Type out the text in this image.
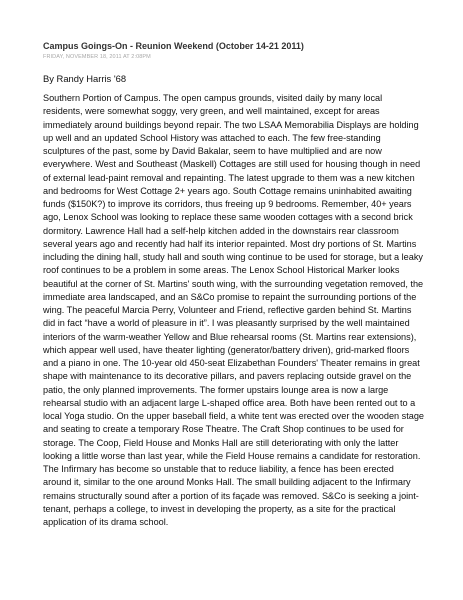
Campus Goings-On - Reunion Weekend (October 14-21 2011)
FRIDAY, NOVEMBER 18, 2011 AT 2:08PM
By Randy Harris '68

Southern Portion of Campus. The open campus grounds, visited daily by many local residents, were somewhat soggy, very green, and well maintained, except for areas immediately around buildings beyond repair. The two LSAA Memorabilia Displays are holding up well and an updated School History was attached to each. The few free-standing sculptures of the past, some by David Bakalar, seem to have multiplied and are now everywhere. West and Southeast (Maskell) Cottages are still used for housing though in need of external lead-paint removal and repainting. The latest upgrade to them was a new kitchen and bedrooms for West Cottage 2+ years ago. South Cottage remains uninhabited awaiting funds ($150K?) to improve its corridors, thus freeing up 9 bedrooms. Remember, 40+ years ago, Lenox School was looking to replace these same wooden cottages with a second brick dormitory. Lawrence Hall had a self-help kitchen added in the downstairs rear classroom several years ago and recently had half its interior repainted. Most dry portions of St. Martins including the dining hall, study hall and south wing continue to be used for storage, but a leaky roof continues to be a problem in some areas. The Lenox School Historical Marker looks beautiful at the corner of St. Martins' south wing, with the surrounding vegetation removed, the immediate area landscaped, and an S&Co promise to repaint the surrounding portions of the wing. The peaceful Marcia Perry, Volunteer and Friend, reflective garden behind St. Martins did in fact “have a world of pleasure in it”. I was pleasantly surprised by the well maintained interiors of the warm-weather Yellow and Blue rehearsal rooms (St. Martins rear extensions), which appear well used, have theater lighting (generator/battery driven), grid-marked floors and a piano in one. The 10-year old 450-seat Elizabethan Founders' Theater remains in great shape with maintenance to its decorative pillars, and pavers replacing outside gravel on the patio, the only planned improvements. The former upstairs lounge area is now a large rehearsal studio with an adjacent large L-shaped office area. Both have been rented out to a local Yoga studio. On the upper baseball field, a white tent was erected over the wooden stage and seating to create a temporary Rose Theatre. The Craft Shop continues to be used for storage. The Coop, Field House and Monks Hall are still deteriorating with only the latter looking a little worse than last year, while the Field House remains a candidate for restoration. The Infirmary has become so unstable that to reduce liability, a fence has been erected around it, similar to the one around Monks Hall. The small building adjacent to the Infirmary remains structurally sound after a portion of its façade was removed. S&Co is seeking a joint-tenant, perhaps a college, to invest in developing the property, as a site for the practical application of its drama school.
